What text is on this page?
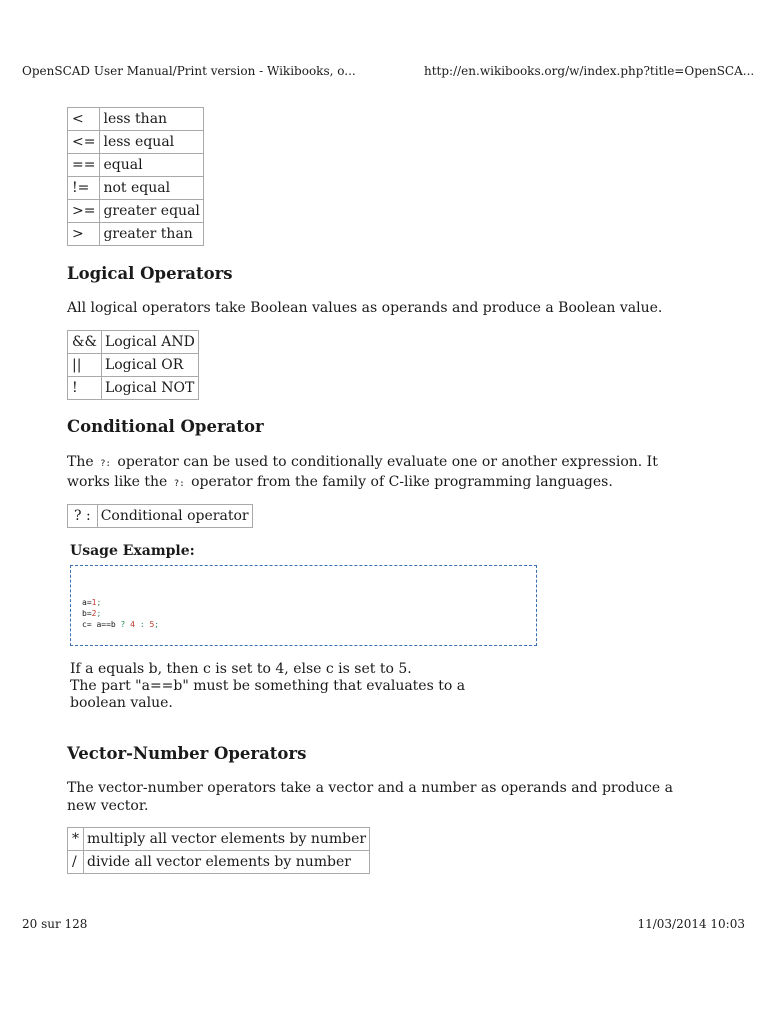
OpenSCAD User Manual/Print version - Wikibooks, o...	http://en.wikibooks.org/w/index.php?title=OpenSCA...
<	less than
<=	less equal
==	equal
!=	not equal
>=	greater equal
>	greater than
Logical Operators

All logical operators take Boolean values as operands and produce a Boolean value.

&&	Logical AND
||	Logical OR
!	Logical NOT
Conditional Operator

The ?: operator can be used to conditionally evaluate one or another expression. It works like the ?: operator from the family of C-like programming languages.

? :	Conditional operator
Usage Example:
a=1;
b=2;
c= a==b ? 4 : 5;
If a equals b, then c is set to 4, else c is set to 5.
The part "a==b" must be something that evaluates to a boolean value.
Vector-Number Operators

The vector-number operators take a vector and a number as operands and produce a new vector.

*	multiply all vector elements by number
/	divide all vector elements by number
20 sur 128	11/03/2014 10:03
